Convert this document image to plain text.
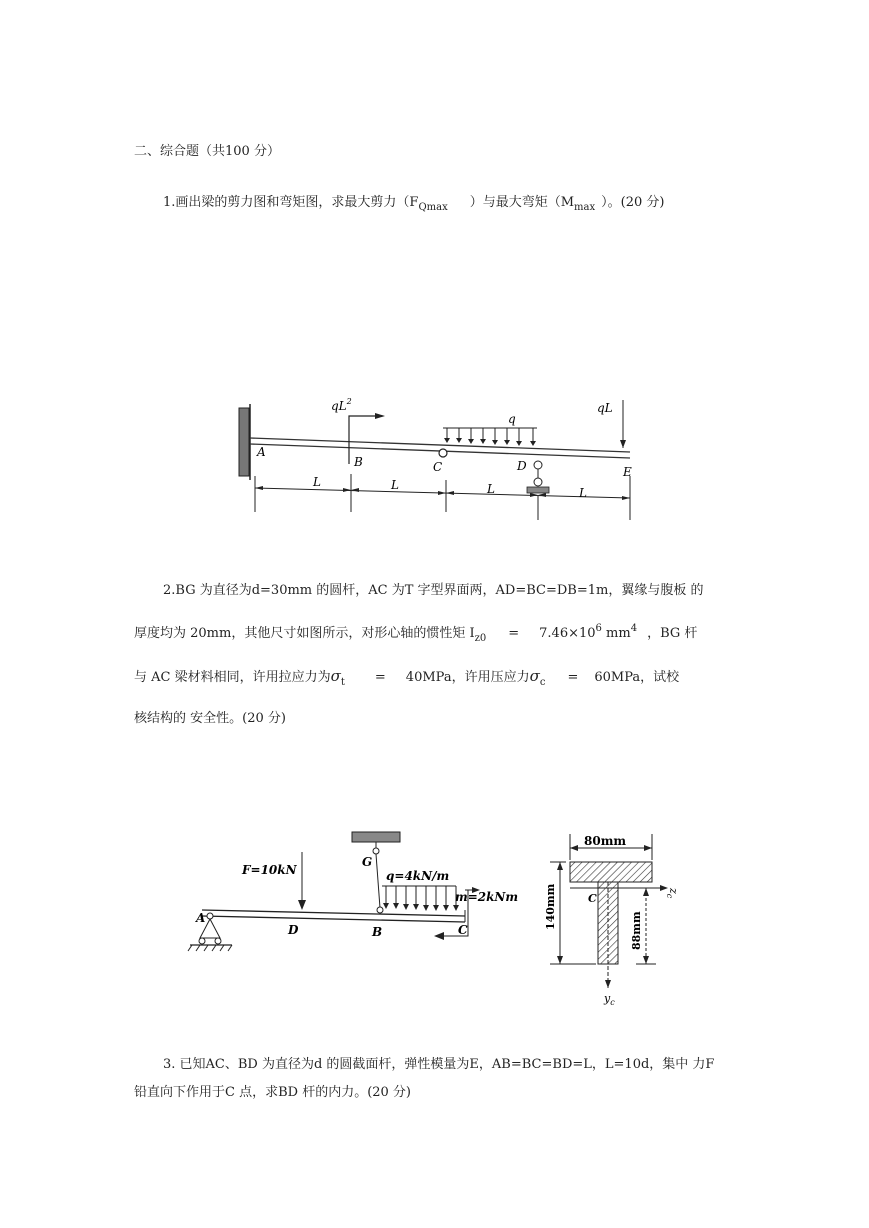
二、综合题（共100 分）
1.画出梁的剪力图和弯矩图，求最大剪力（$F_{Qmax}$ ）与最大弯矩（$M_{max}$ ）。(20 分)
$qL^2$
q
qL
A
B	C	D	E
L	L	L	L
2.BG 为直径为d=30mm 的圆杆，AC 为T 字型界面两，AD=BC=DB=1m，翼缘与腹板 的
厚度均为 20mm，其他尺寸如图所示，对形心轴的惯性矩 $I_{z0} = 7.46\times 10^6$ $mm^4$ ，BG 杆
与 AC 梁材料相同，许用拉应力为$\sigma_t = 40MPa$，许用压应力$\sigma_c = 60MPa$，试校
核结构的 安全性。(20 分)
G
A
F=10kN
D
q=4kN/m
B
m=2kNm
C
80mm
140mm	C
$z_c$
88mm
$y_c$
3. 已知AC、BD 为直径为d 的圆截面杆，弹性模量为E，AB=BC=BD=L，L=10d，集中 力F
铅直向下作用于C 点，求BD 杆的内力。(20 分)
